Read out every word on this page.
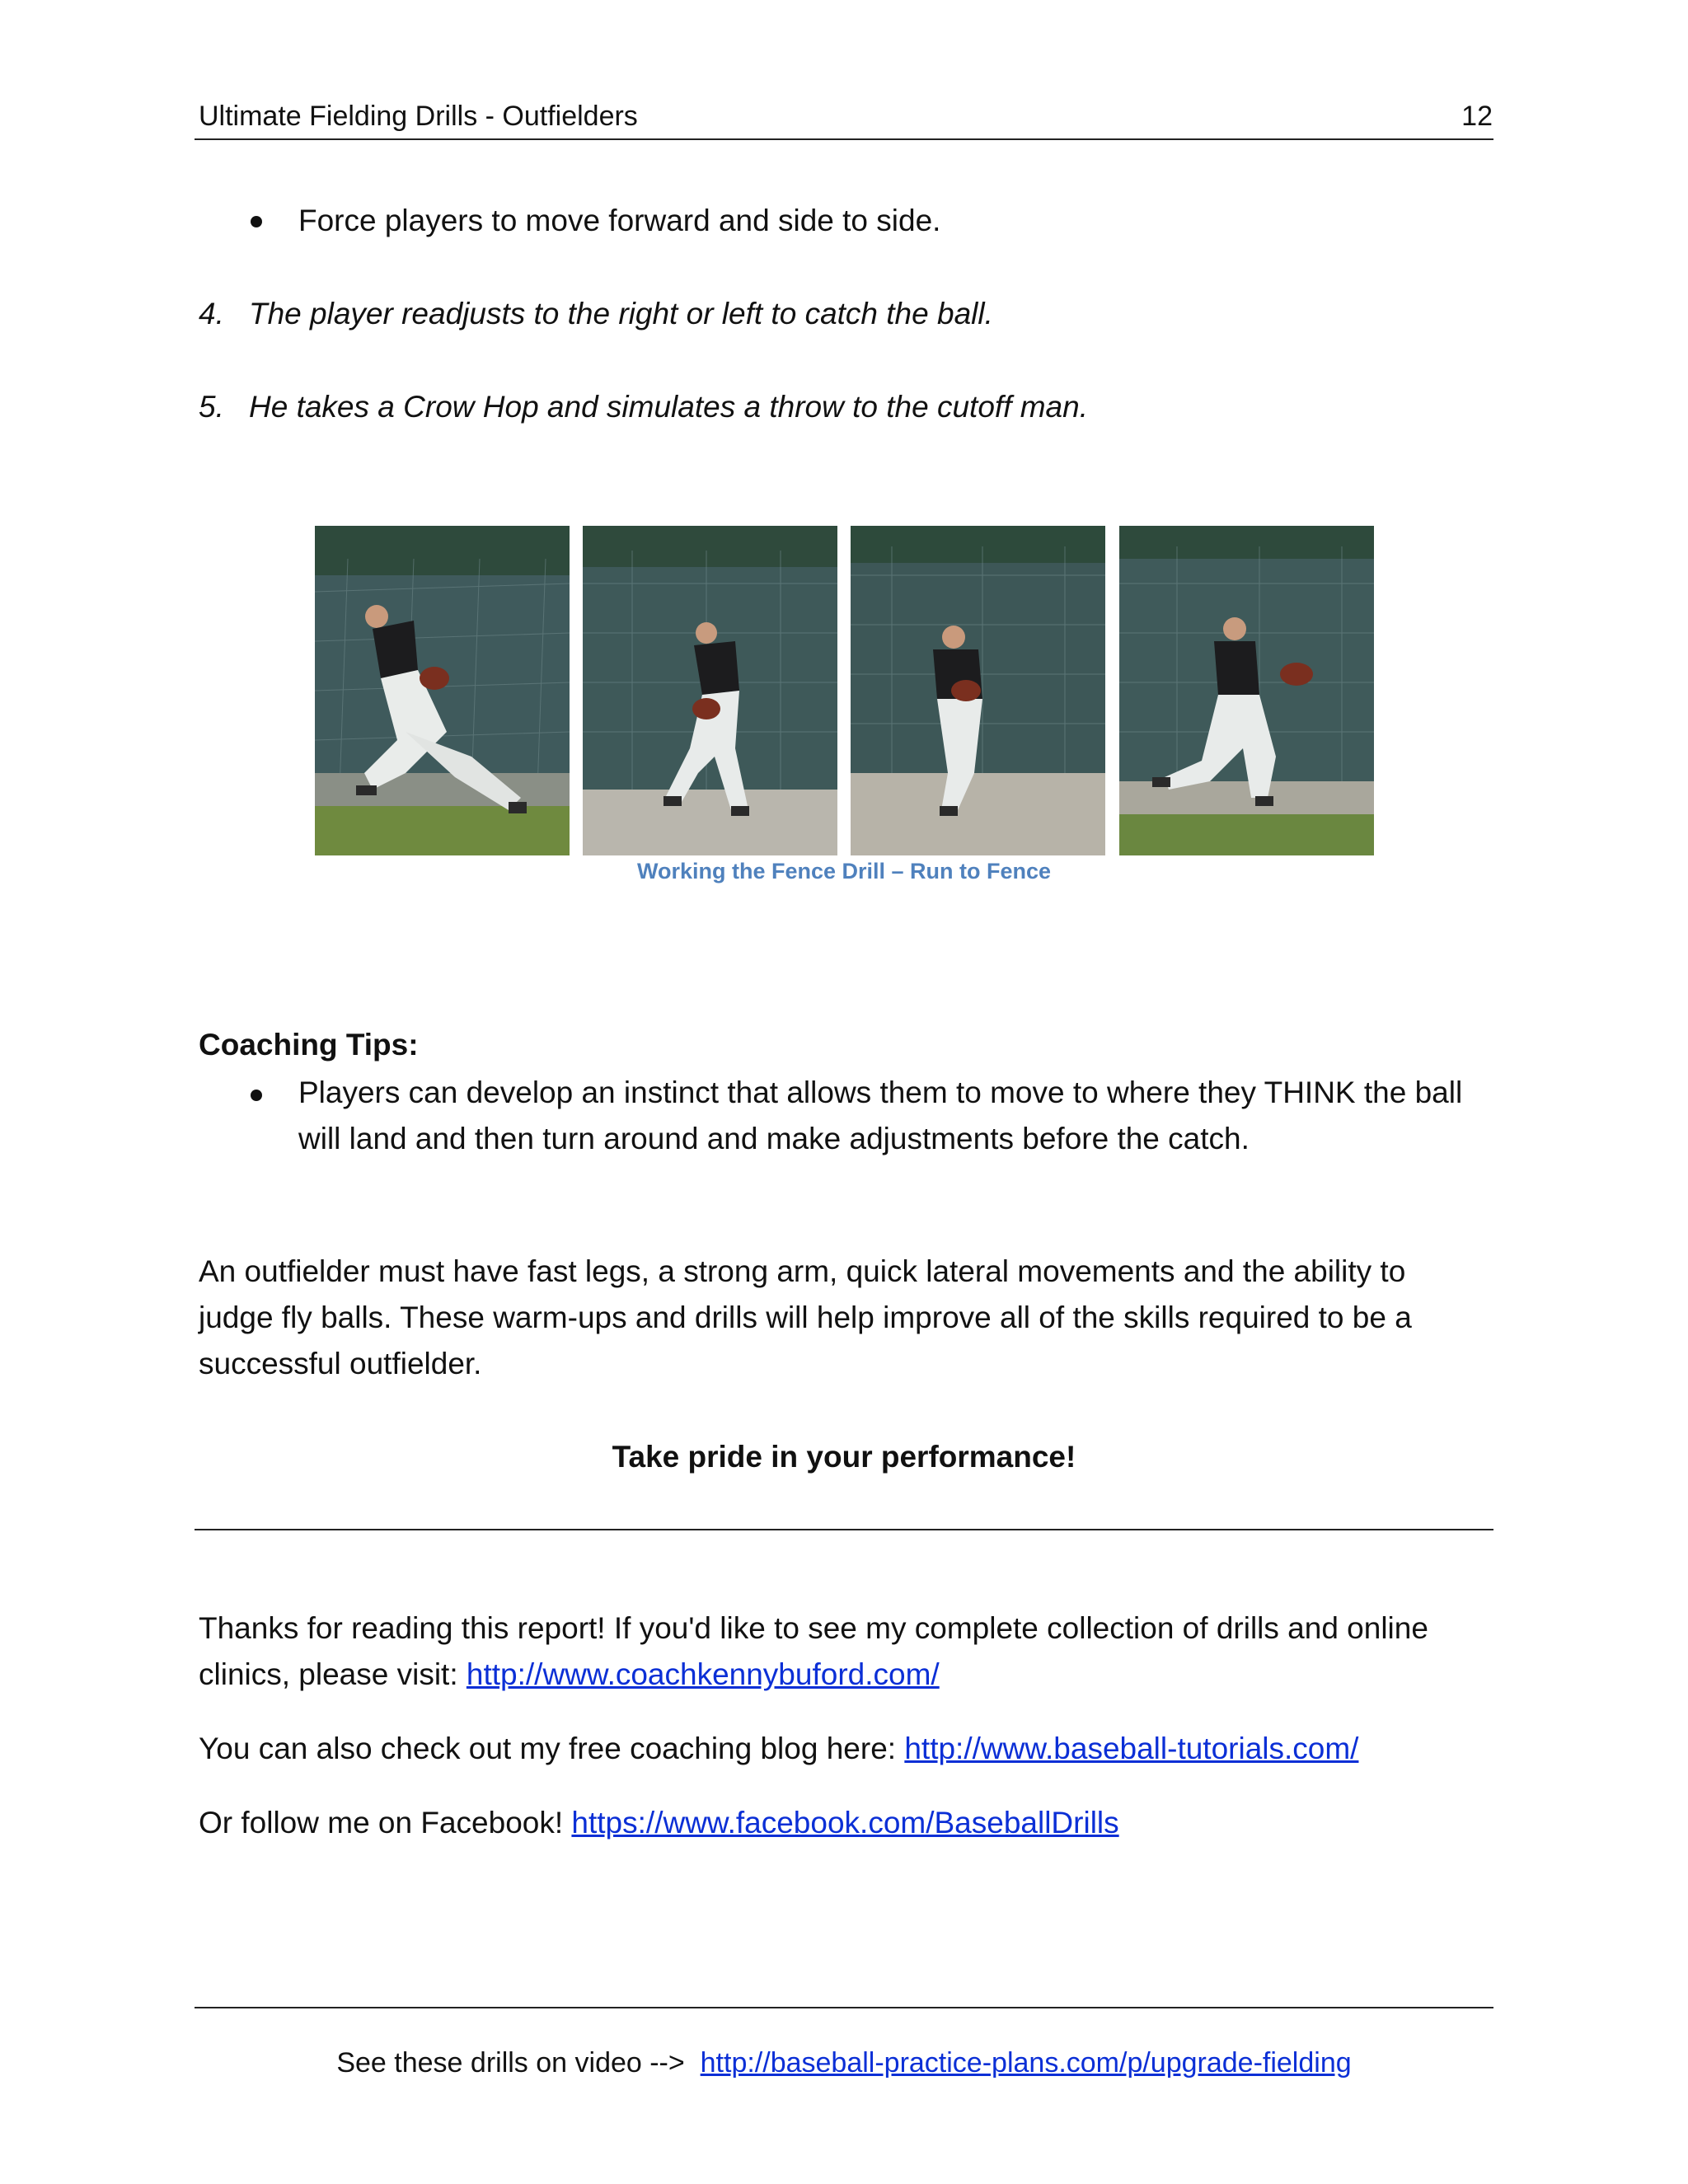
Ultimate Fielding Drills - Outfielders	12
Force players to move forward and side to side.
4. The player readjusts to the right or left to catch the ball.
5. He takes a Crow Hop and simulates a throw to the cutoff man.
Working the Fence Drill – Run to Fence
Coaching Tips:
Players can develop an instinct that allows them to move to where they THINK the ball
will land and then turn around and make adjustments before the catch.
An outfielder must have fast legs, a strong arm, quick lateral movements and the ability to
judge fly balls. These warm-ups and drills will help improve all of the skills required to be a
successful outfielder.
Take pride in your performance!
Thanks for reading this report! If you'd like to see my complete collection of drills and online
clinics, please visit: http://www.coachkennybuford.com/
You can also check out my free coaching blog here: http://www.baseball-tutorials.com/
Or follow me on Facebook! https://www.facebook.com/BaseballDrills
See these drills on video -->  http://baseball-practice-plans.com/p/upgrade-fielding
